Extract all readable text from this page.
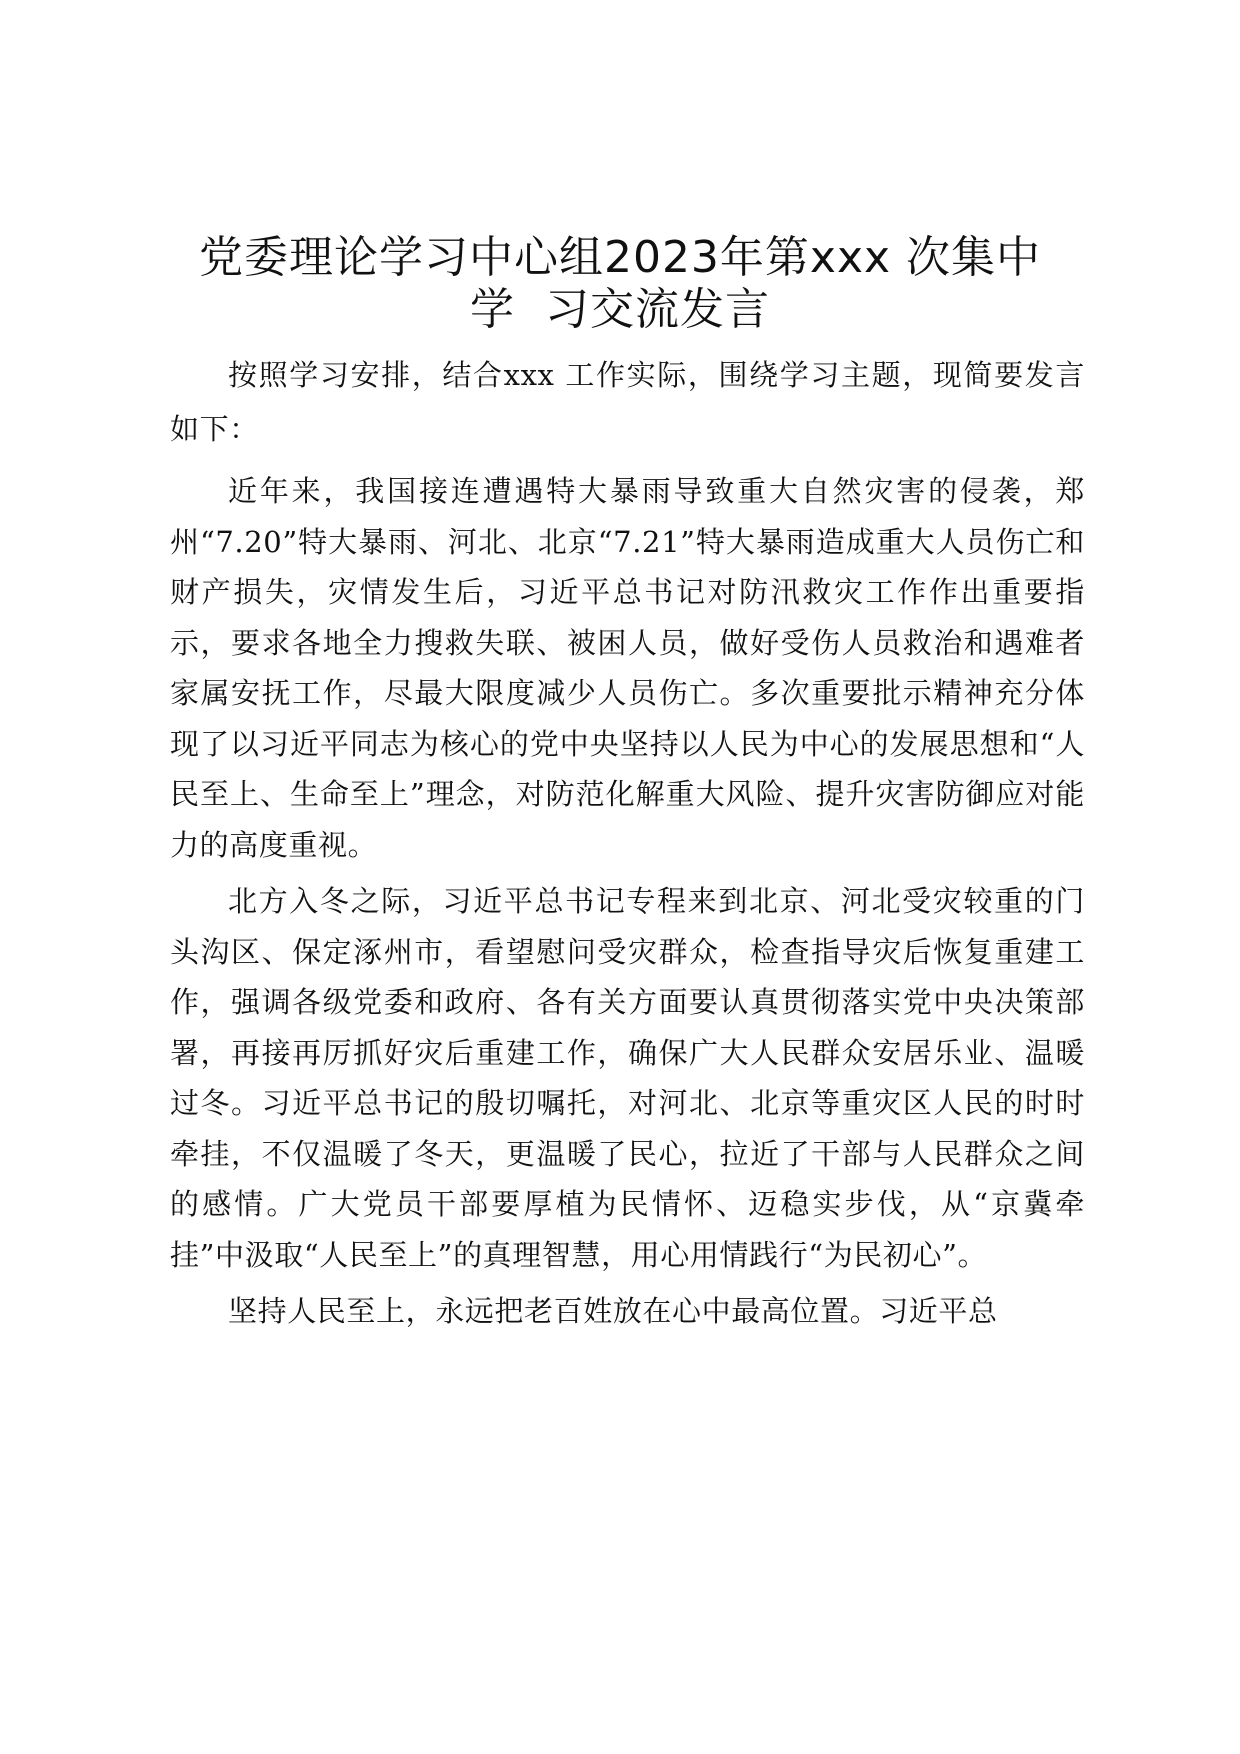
党委理论学习中心组2023年第xxx 次集中
学  习交流发言

按照学习安排，结合xxx 工作实际，围绕学习主题，现简要发言如下：

近年来，我国接连遭遇特大暴雨导致重大自然灾害的侵袭，郑州“7.20”特大暴雨、河北、北京“7.21”特大暴雨造成重大人员伤亡和财产损失，灾情发生后，习近平总书记对防汛救灾工作作出重要指示，要求各地全力搜救失联、被困人员，做好受伤人员救治和遇难者家属安抚工作，尽最大限度减少人员伤亡。多次重要批示精神充分体现了以习近平同志为核心的党中央坚持以人民为中心的发展思想和“人民至上、生命至上”理念，对防范化解重大风险、提升灾害防御应对能力的高度重视。

北方入冬之际，习近平总书记专程来到北京、河北受灾较重的门头沟区、保定涿州市，看望慰问受灾群众，检查指导灾后恢复重建工作，强调各级党委和政府、各有关方面要认真贯彻落实党中央决策部署，再接再厉抓好灾后重建工作，确保广大人民群众安居乐业、温暖过冬。习近平总书记的殷切嘱托，对河北、北京等重灾区人民的时时牵挂，不仅温暖了冬天，更温暖了民心，拉近了干部与人民群众之间的感情。广大党员干部要厚植为民情怀、迈稳实步伐，从“京冀牵挂”中汲取“人民至上”的真理智慧，用心用情践行“为民初心”。

坚持人民至上，永远把老百姓放在心中最高位置。习近平总
